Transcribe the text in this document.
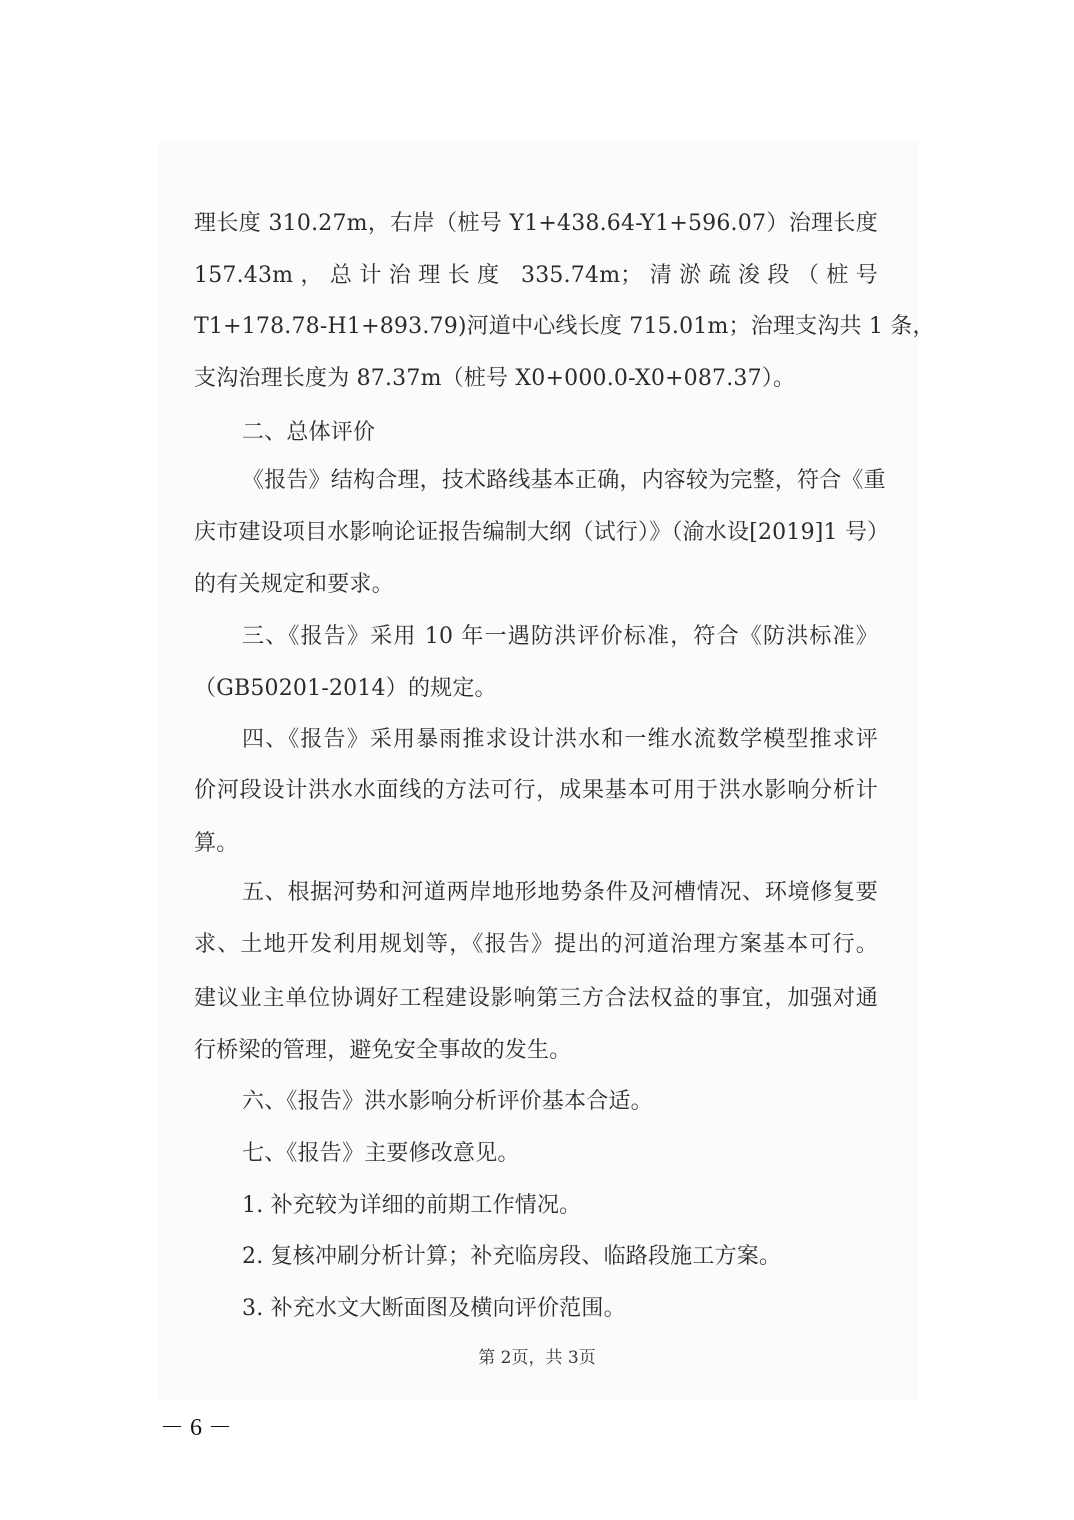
理长度 310.27m，右岸（桩号 Y1+438.64-Y1+596.07）治理长度
157.43m，总计治理长度 335.74m；清淤疏浚段（桩号
T1+178.78-H1+893.79)河道中心线长度 715.01m；治理支沟共 1 条，
支沟治理长度为 87.37m（桩号 X0+000.0-X0+087.37）。
二、总体评价
《报告》结构合理，技术路线基本正确，内容较为完整，符合《重
庆市建设项目水影响论证报告编制大纲（试行）》（渝水设[2019]1 号）
的有关规定和要求。
三、《报告》采用 10 年一遇防洪评价标准，符合《防洪标准》
（GB50201-2014）的规定。
四、《报告》采用暴雨推求设计洪水和一维水流数学模型推求评
价河段设计洪水水面线的方法可行，成果基本可用于洪水影响分析计
算。
五、根据河势和河道两岸地形地势条件及河槽情况、环境修复要
求、土地开发利用规划等，《报告》提出的河道治理方案基本可行。
建议业主单位协调好工程建设影响第三方合法权益的事宜，加强对通
行桥梁的管理，避免安全事故的发生。
六、《报告》洪水影响分析评价基本合适。
七、《报告》主要修改意见。
1. 补充较为详细的前期工作情况。
2. 复核冲刷分析计算；补充临房段、临路段施工方案。
3. 补充水文大断面图及横向评价范围。
第 2页，共 3页
－ 6 －
